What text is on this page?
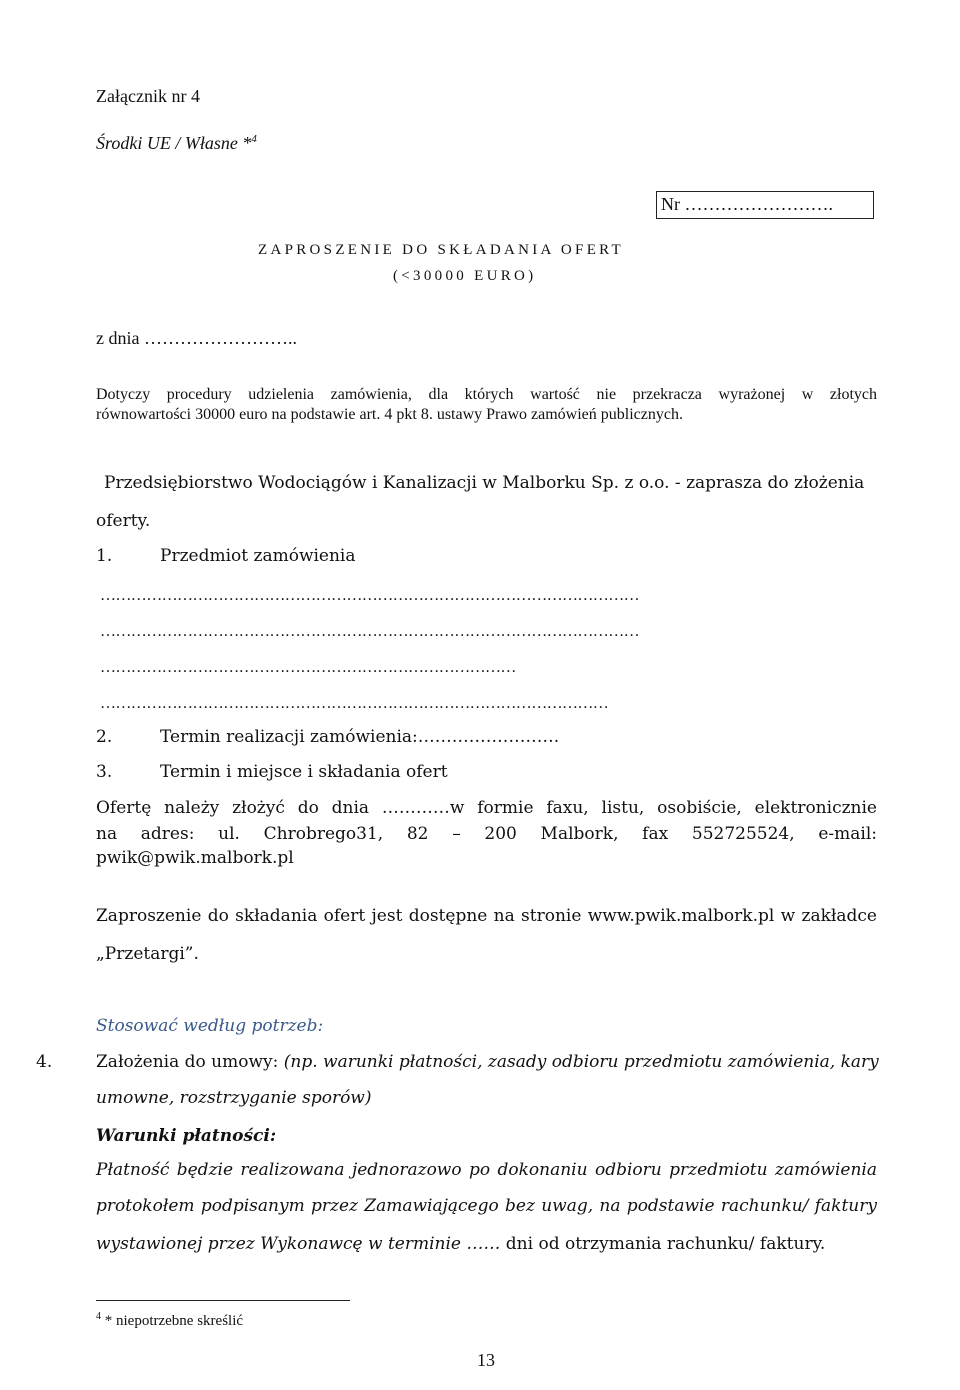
Załącznik nr 4
Środki UE / Własne *$^4$
Nr …………………….
ZAPROSZENIE DO SKŁADANIA OFERT
(<30000 EURO)
z dnia ……………………..
Dotyczy procedury udzielenia zamówienia, dla których wartość nie przekracza wyrażonej w złotych
równowartości 30000 euro na podstawie art. 4 pkt 8. ustawy Prawo zamówień publicznych.
Przedsiębiorstwo Wodociągów i Kanalizacji w Malborku Sp. z o.o. - zaprasza do złożenia
oferty.
1.	Przedmiot zamówienia
……………………………………………………………………………………………
……………………………………………………………………………………………
………………………………………………………………………
………………………………………………………………………………………
2.	Termin realizacji zamówienia:…………………….
3.	Termin i miejsce i składania ofert
Ofertę należy złożyć do dnia …………w formie faxu, listu, osobiście, elektronicznie
na adres: ul. Chrobrego31, 82 – 200 Malbork, fax 552725524, e-mail:
pwik@pwik.malbork.pl
Zaproszenie do składania ofert jest dostępne na stronie www.pwik.malbork.pl w zakładce
„Przetargi”.
Stosować według potrzeb:
4.	Założenia do umowy: (np. warunki płatności, zasady odbioru przedmiotu zamówienia, kary
umowne, rozstrzyganie sporów)
Warunki płatności:
Płatność będzie realizowana jednorazowo po dokonaniu odbioru przedmiotu zamówienia
protokołem podpisanym przez Zamawiającego bez uwag, na podstawie rachunku/ faktury
wystawionej przez Wykonawcę w terminie …… dni od otrzymania rachunku/ faktury.
$^4$ * niepotrzebne skreślić
13
